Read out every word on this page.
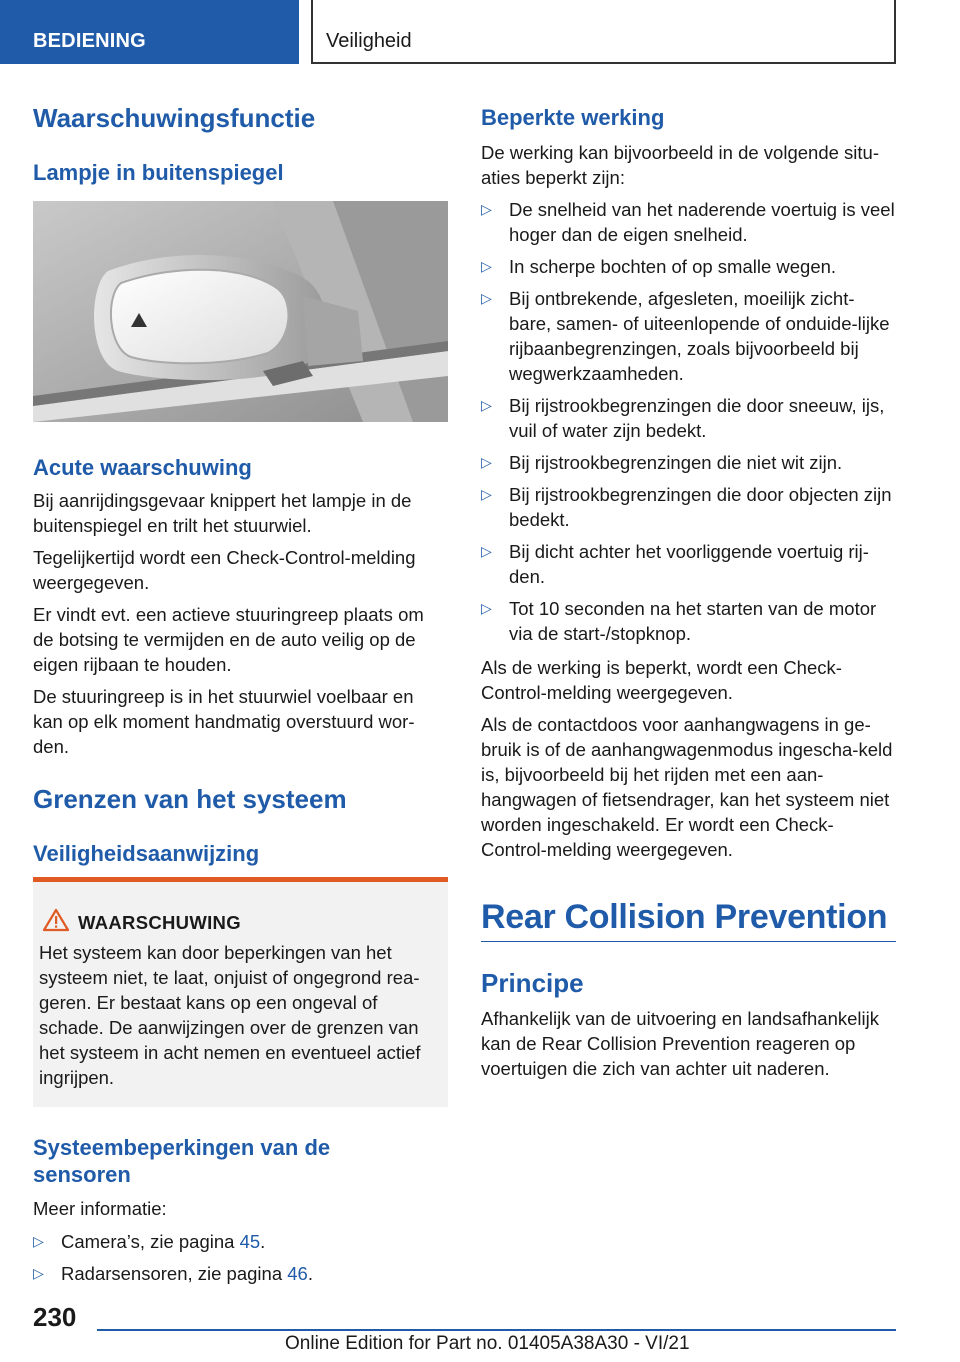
BEDIENING	Veiligheid
Waarschuwingsfunctie
Lampje in buitenspiegel
Acute waarschuwing
Bij aanrijdingsgevaar knippert het lampje in de buitenspiegel en trilt het stuurwiel.
Tegelijkertijd wordt een Check-Control-melding weergegeven.
Er vindt evt. een actieve stuuringreep plaats om de botsing te vermijden en de auto veilig op de eigen rijbaan te houden.
De stuuringreep is in het stuurwiel voelbaar en kan op elk moment handmatig overstuurd wor-den.
Grenzen van het systeem
Veiligheidsaanwijzing
WAARSCHUWING
Het systeem kan door beperkingen van het systeem niet, te laat, onjuist of ongegrond rea-geren. Er bestaat kans op een ongeval of schade. De aanwijzingen over de grenzen van het systeem in acht nemen en eventueel actief ingrijpen.
Systeembeperkingen van de
sensoren
Meer informatie:
▷ Camera’s, zie pagina 45.
▷ Radarsensoren, zie pagina 46.
Beperkte werking
De werking kan bijvoorbeeld in de volgende situ-aties beperkt zijn:
▷ De snelheid van het naderende voertuig is veel hoger dan de eigen snelheid.
▷ In scherpe bochten of op smalle wegen.
▷ Bij ontbrekende, afgesleten, moeilijk zicht-bare, samen- of uiteenlopende of onduide-lijke rijbaanbegrenzingen, zoals bijvoorbeeld bij wegwerkzaamheden.
▷ Bij rijstrookbegrenzingen die door sneeuw, ijs, vuil of water zijn bedekt.
▷ Bij rijstrookbegrenzingen die niet wit zijn.
▷ Bij rijstrookbegrenzingen die door objecten zijn bedekt.
▷ Bij dicht achter het voorliggende voertuig rij-den.
▷ Tot 10 seconden na het starten van de motor via de start-/stopknop.
Als de werking is beperkt, wordt een Check-Control-melding weergegeven.
Als de contactdoos voor aanhangwagens in ge-bruik is of de aanhangwagenmodus ingescha-keld is, bijvoorbeeld bij het rijden met een aan-hangwagen of fietsendrager, kan het systeem niet worden ingeschakeld. Er wordt een Check-Control-melding weergegeven.
Rear Collision Prevention
Principe
Afhankelijk van de uitvoering en landsafhankelijk kan de Rear Collision Prevention reageren op voertuigen die zich van achter uit naderen.
230
Online Edition for Part no. 01405A38A30 - VI/21
